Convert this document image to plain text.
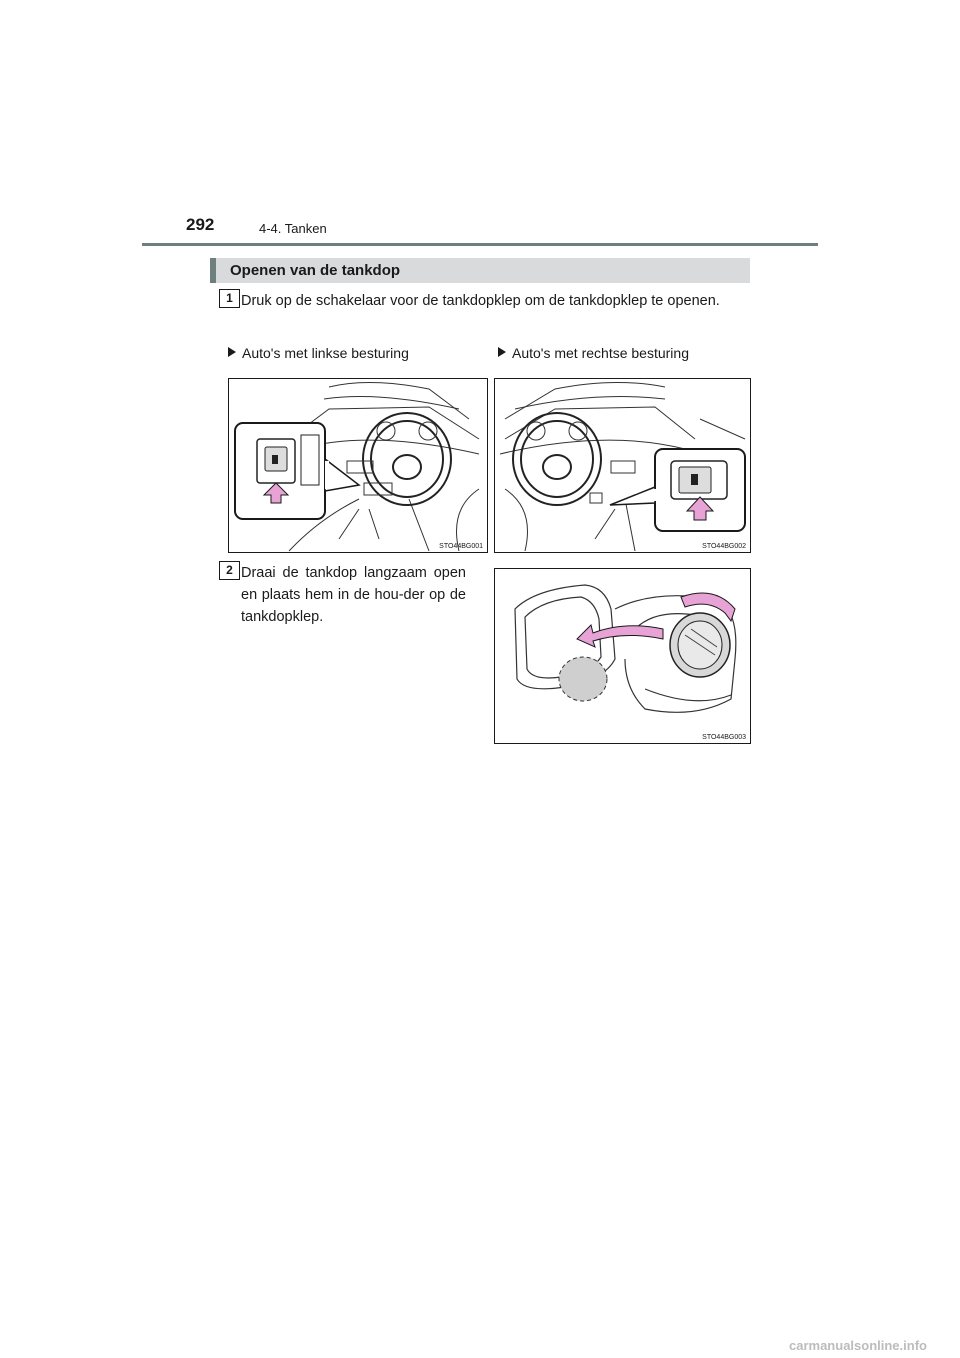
292	4-4. Tanken
Openen van de tankdop
1 Druk op de schakelaar voor de tankdopklep om de tankdopklep te openen.
Auto's met linkse besturing	Auto's met rechtse besturing
STO44BG001	STO44BG002
2 Draai de tankdop langzaam open en plaats hem in de hou-der op de tankdopklep.
STO44BG003
carmanualsonline.info
